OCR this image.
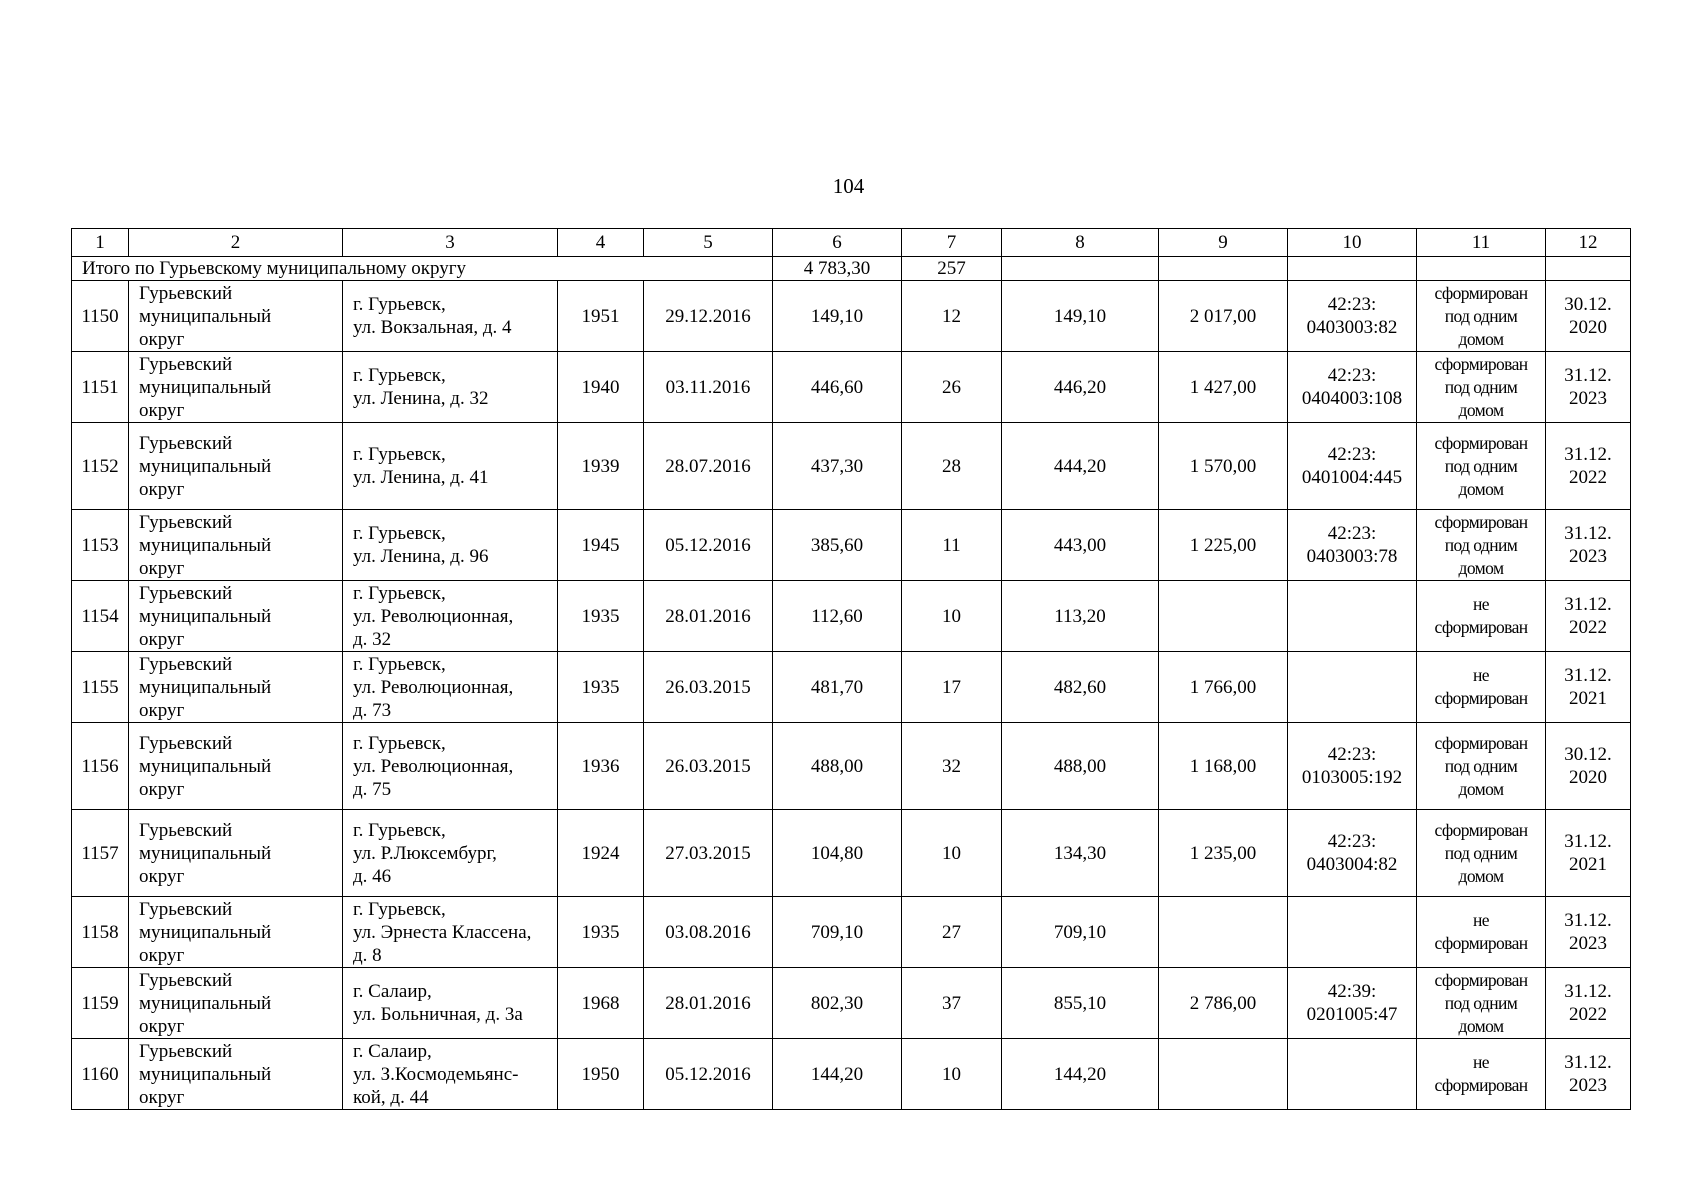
104
1	2	3	4	5	6	7	8	9	10	11	12
Итого по Гурьевскому муниципальному округу					4 783,30	257					
1150	Гурьевский
муниципальный
округ	г. Гурьевск,
ул. Вокзальная, д. 4	1951	29.12.2016	149,10	12	149,10	2 017,00	42:23:
0403003:82	сформирован
под одним
домом	30.12.
2020

1151	Гурьевский
муниципальный
округ	г. Гурьевск,
ул. Ленина, д. 32	1940	03.11.2016	446,60	26	446,20	1 427,00	42:23:
0404003:108	сформирован
под одним
домом	31.12.
2023

1152	Гурьевский
муниципальный
округ	г. Гурьевск,
ул. Ленина, д. 41	1939	28.07.2016	437,30	28	444,20	1 570,00	42:23:
0401004:445	сформирован
под одним
домом	31.12.
2022

1153	Гурьевский
муниципальный
округ	г. Гурьевск,
ул. Ленина, д. 96	1945	05.12.2016	385,60	11	443,00	1 225,00	42:23:
0403003:78	сформирован
под одним
домом	31.12.
2023

1154	Гурьевский
муниципальный
округ	г. Гурьевск,
ул. Революционная,
д. 32	1935	28.01.2016	112,60	10	113,20			не
сформирован	31.12.
2022

1155	Гурьевский
муниципальный
округ	г. Гурьевск,
ул. Революционная,
д. 73	1935	26.03.2015	481,70	17	482,60	1 766,00		не
сформирован	31.12.
2021

1156	Гурьевский
муниципальный
округ	г. Гурьевск,
ул. Революционная,
д. 75	1936	26.03.2015	488,00	32	488,00	1 168,00	42:23:
0103005:192	сформирован
под одним
домом	30.12.
2020

1157	Гурьевский
муниципальный
округ	г. Гурьевск,
ул. Р.Люксембург,
д. 46	1924	27.03.2015	104,80	10	134,30	1 235,00	42:23:
0403004:82	сформирован
под одним
домом	31.12.
2021

1158	Гурьевский
муниципальный
округ	г. Гурьевск,
ул. Эрнеста Классена,
д. 8	1935	03.08.2016	709,10	27	709,10			не
сформирован	31.12.
2023

1159	Гурьевский
муниципальный
округ	г. Салаир,
ул. Больничная, д. 3а	1968	28.01.2016	802,30	37	855,10	2 786,00	42:39:
0201005:47	сформирован
под одним
домом	31.12.
2022

1160	Гурьевский
муниципальный
округ	г. Салаир,
ул. З.Космодемьянс-
кой, д. 44	1950	05.12.2016	144,20	10	144,20			не
сформирован	31.12.
2023
